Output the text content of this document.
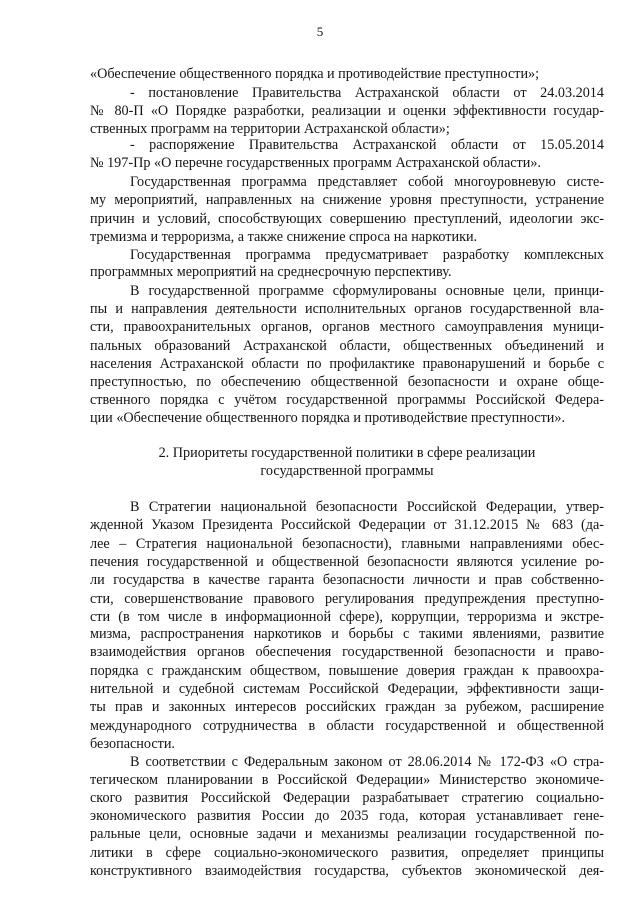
5
«Обеспечение общественного порядка и противодействие преступности»;
- постановление Правительства Астраханской области от 24.03.2014
№ 80-П «О Порядке разработки, реализации и оценки эффективности государ-
ственных программ на территории Астраханской области»;
- распоряжение Правительства Астраханской области от 15.05.2014
№ 197-Пр «О перечне государственных программ Астраханской области».
Государственная программа представляет собой многоуровневую систе-
му мероприятий, направленных на снижение уровня преступности, устранение
причин и условий, способствующих совершению преступлений, идеологии экс-
тремизма и терроризма, а также снижение спроса на наркотики.
Государственная программа предусматривает разработку комплексных
программных мероприятий на среднесрочную перспективу.
В государственной программе сформулированы основные цели, принци-
пы и направления деятельности исполнительных органов государственной вла-
сти, правоохранительных органов, органов местного самоуправления муници-
пальных образований Астраханской области, общественных объединений и
населения Астраханской области по профилактике правонарушений и борьбе с
преступностью, по обеспечению общественной безопасности и охране обще-
ственного порядка с учётом государственной программы Российской Федера-
ции «Обеспечение общественного порядка и противодействие преступности».
2. Приоритеты государственной политики в сфере реализации
государственной программы
В Стратегии национальной безопасности Российской Федерации, утвер-
жденной Указом Президента Российской Федерации от 31.12.2015 № 683 (да-
лее – Стратегия национальной безопасности), главными направлениями обес-
печения государственной и общественной безопасности являются усиление ро-
ли государства в качестве гаранта безопасности личности и прав собственно-
сти, совершенствование правового регулирования предупреждения преступно-
сти (в том числе в информационной сфере), коррупции, терроризма и экстре-
мизма, распространения наркотиков и борьбы с такими явлениями, развитие
взаимодействия органов обеспечения государственной безопасности и право-
порядка с гражданским обществом, повышение доверия граждан к правоохра-
нительной и судебной системам Российской Федерации, эффективности защи-
ты прав и законных интересов российских граждан за рубежом, расширение
международного сотрудничества в области государственной и общественной
безопасности.
В соответствии с Федеральным законом от 28.06.2014 № 172-ФЗ «О стра-
тегическом планировании в Российской Федерации» Министерство экономиче-
ского развития Российской Федерации разрабатывает стратегию социально-
экономического развития России до 2035 года, которая устанавливает гене-
ральные цели, основные задачи и механизмы реализации государственной по-
литики в сфере социально-экономического развития, определяет принципы
конструктивного взаимодействия государства, субъектов экономической дея-
